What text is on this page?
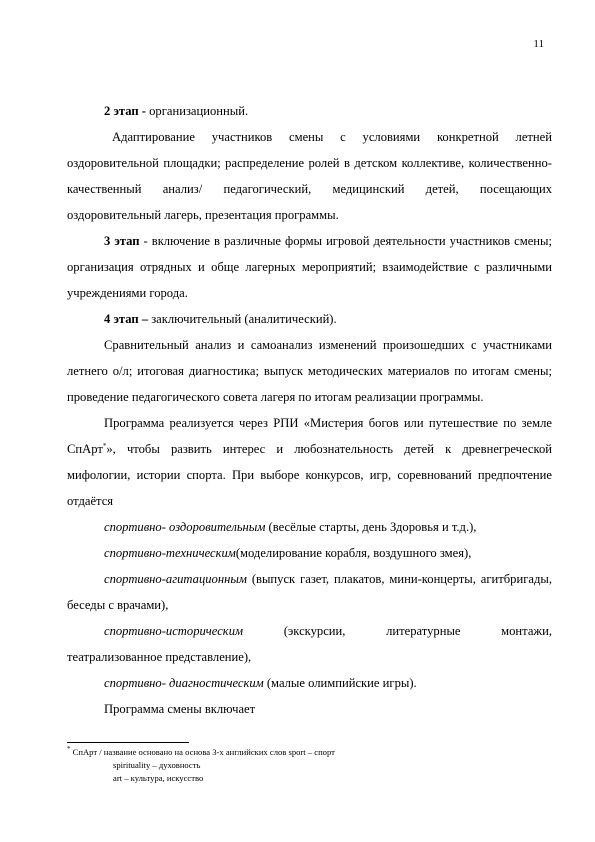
11

2 этап - организационный.

Адаптирование участников смены с условиями конкретной летней оздоровительной площадки; распределение ролей в детском коллективе, количественно- качественный анализ/ педагогический, медицинский детей, посещающих оздоровительный лагерь, презентация программы.

3 этап - включение в различные формы игровой деятельности участников смены; организация отрядных и обще лагерных мероприятий; взаимодействие с различными учреждениями города.

4 этап – заключительный (аналитический).

Сравнительный анализ и самоанализ изменений произошедших с участниками летнего о/л; итоговая диагностика; выпуск методических материалов по итогам смены; проведение педагогического совета лагеря по итогам реализации программы.

Программа реализуется через РПИ «Мистерия богов или путешествие по земле СпАрт*», чтобы развить интерес и любознательность детей к древнегреческой мифологии, истории спорта. При выборе конкурсов, игр, соревнований предпочтение отдаётся

спортивно- оздоровительным (весёлые старты, день Здоровья и т.д.),

спортивно-техническим(моделирование корабля, воздушного змея),

спортивно-агитационным (выпуск газет, плакатов, мини-концерты, агитбригады, беседы с врачами),

спортивно-историческим	(экскурсии,	литературные	монтажи,

театрализованное представление),

спортивно- диагностическим (малые олимпийские игры).

Программа смены включает

* СпАрт / название основано на основа 3-х английских слов sport – спорт
spirituality – духовность
art – культура, искусство
